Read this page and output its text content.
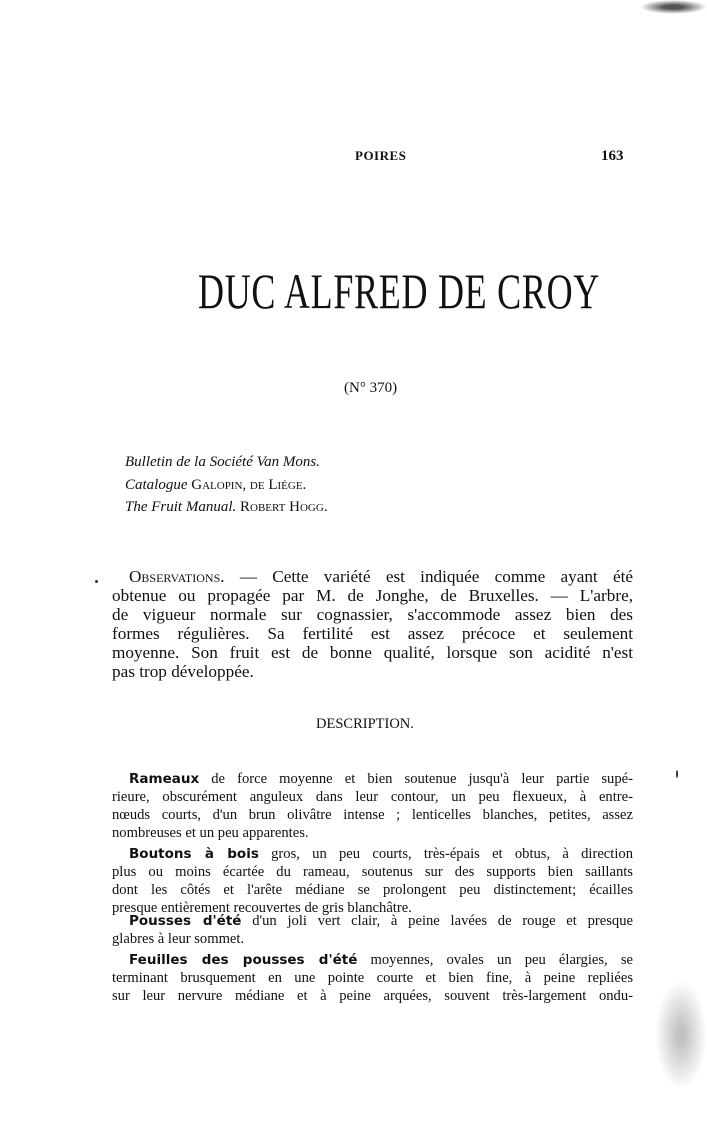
POIRES	163
DUC ALFRED DE CROY
(N° 370)
Bulletin de la Société Van Mons.
Catalogue Galopin, de Liége.
The Fruit Manual. Robert Hogg.
Observations. — Cette variété est indiquée comme ayant été
obtenue ou propagée par M. de Jonghe, de Bruxelles. — L'arbre,
de vigueur normale sur cognassier, s'accommode assez bien des
formes régulières. Sa fertilité est assez précoce et seulement
moyenne. Son fruit est de bonne qualité, lorsque son acidité n'est
pas trop développée.
DESCRIPTION.
Rameaux de force moyenne et bien soutenue jusqu'à leur partie supé-
rieure, obscurément anguleux dans leur contour, un peu flexueux, à entre-
nœuds courts, d'un brun olivâtre intense ; lenticelles blanches, petites, assez
nombreuses et un peu apparentes.
Boutons à bois gros, un peu courts, très-épais et obtus, à direction
plus ou moins écartée du rameau, soutenus sur des supports bien saillants
dont les côtés et l'arête médiane se prolongent peu distinctement; écailles
presque entièrement recouvertes de gris blanchâtre.
Pousses d'été d'un joli vert clair, à peine lavées de rouge et presque
glabres à leur sommet.
Feuilles des pousses d'été moyennes, ovales un peu élargies, se
terminant brusquement en une pointe courte et bien fine, à peine repliées
sur leur nervure médiane et à peine arquées, souvent très-largement ondu-
